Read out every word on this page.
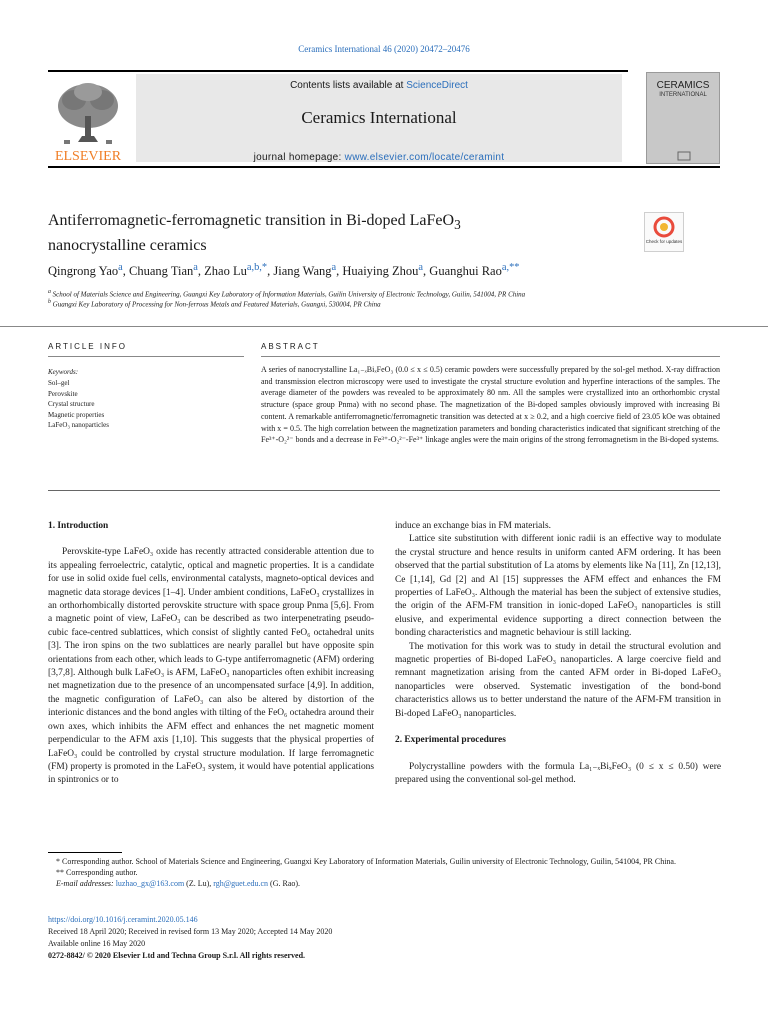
Ceramics International 46 (2020) 20472–20476
ELSEVIER
Contents lists available at ScienceDirect
Ceramics International
journal homepage: www.elsevier.com/locate/ceramint
CERAMICS
INTERNATIONAL
Antiferromagnetic-ferromagnetic transition in Bi-doped LaFeO$_3$
nanocrystalline ceramics	Check for updates
Qingrong Yao$^a$, Chuang Tian$^a$, Zhao $Lu^{a,b,*}$, Jiang Wang$^a$, Huaiying Zhou$^a$, Guanghui Rao$^{a,**}$
$^a$ School of Materials Science and Engineering, Guangxi Key Laboratory of Information Materials, Guilin University of Electronic Technology, Guilin, 541004, PR China
$^b$ Guangxi Key Laboratory of Processing for Non-ferrous Metals and Featured Materials, Guangxi, 530004, PR China
ARTICLE INFO	ABSTRACT
Keywords:
Sol–gel
Perovskite
Crystal structure
Magnetic properties
LaFeO₃ nanoparticles
A series of nanocrystalline La₁₋ₓBiₓFeO₃ (0.0 ≤ x ≤ 0.5) ceramic powders were successfully prepared by the sol-gel method. X-ray diffraction and transmission electron microscopy were used to investigate the crystal structure evolution and hyperfine interactions of the samples. The average diameter of the powders was revealed to be approximately 80 nm. All the samples were crystallized into an orthorhombic crystal structure (space group Pnma) with no second phase. The magnetization of the Bi-doped samples obviously improved with increasing Bi content. A remarkable antiferromagnetic/ferromagnetic transition was detected at x ≥ 0.2, and a high coercive field of 23.05 kOe was obtained with x = 0.5. The high correlation between the magnetization parameters and bonding characteristics indicated that significant stretching of the Fe³⁺-O₂²⁻ bonds and a decrease in Fe³⁺-O₂²⁻-Fe³⁺ linkage angles were the main origins of the strong ferromagnetism in the Bi-doped systems.
1. Introduction

Perovskite-type LaFeO₃ oxide has recently attracted considerable attention due to its appealing ferroelectric, catalytic, optical and magnetic properties. It is a candidate for use in solid oxide fuel cells, environmental catalysts, magneto-optical devices and magnetic data storage devices [1–4]. Under ambient conditions, LaFeO₃ crystallizes in an orthorhombically distorted perovskite structure with space group Pnma [5,6]. From a magnetic point of view, LaFeO₃ can be described as two interpenetrating pseudo-cubic face-centred sublattices, which consist of slightly canted FeO₆ octahedral units [3]. The iron spins on the two sublattices are nearly parallel but have opposite spin orientations from each other, which leads to G-type antiferromagnetic (AFM) ordering [3,7,8]. Although bulk LaFeO₃ is AFM, LaFeO₃ nanoparticles often exhibit increasing net magnetization due to the presence of an uncompensated surface [4,9]. In addition, the magnetic configuration of LaFeO₃ can also be altered by distortion of the interionic distances and the bond angles with tilting of the FeO₆ octahedra around their own axes, which inhibits the AFM effect and enhances the net magnetic moment perpendicular to the AFM axis [1,10]. This suggests that the physical properties of LaFeO₃ could be controlled by crystal structure modulation. If large ferromagnetic (FM) property is promoted in the LaFeO₃ system, it would have potential applications in spintronics or to

induce an exchange bias in FM materials.

Lattice site substitution with different ionic radii is an effective way to modulate the crystal structure and hence results in uniform canted AFM ordering. It has been observed that the partial substitution of La atoms by elements like Na [11], Zn [12,13], Ce [1,14], Gd [2] and Al [15] suppresses the AFM effect and enhances the FM properties of LaFeO₃. Although the material has been the subject of extensive studies, the origin of the AFM-FM transition in ionic-doped LaFeO₃ nanoparticles is still elusive, and experimental evidence supporting a direct connection between the bonding characteristics and magnetic behaviour is still lacking.

The motivation for this work was to study in detail the structural evolution and magnetic properties of Bi-doped LaFeO₃ nanoparticles. A large coercive field and remnant magnetization arising from the canted AFM order in Bi-doped LaFeO₃ nanoparticles were observed. Systematic investigation of the bond-bond characteristics allows us to better understand the nature of the AFM-FM transition in Bi-doped LaFeO₃ nanoparticles.

2. Experimental procedures

Polycrystalline powders with the formula La₁₋ₓBiₓFeO₃ (0 ≤ x ≤ 0.50) were prepared using the conventional sol-gel method.

* Corresponding author. School of Materials Science and Engineering, Guangxi Key Laboratory of Information Materials, Guilin university of Electronic Technology, Guilin, 541004, PR China.

** Corresponding author.

E-mail addresses: luzhao_gx@163.com (Z. Lu), rgh@guet.edu.cn (G. Rao).

https://doi.org/10.1016/j.ceramint.2020.05.146
Received 18 April 2020; Received in revised form 13 May 2020; Accepted 14 May 2020
Available online 16 May 2020
0272-8842/ © 2020 Elsevier Ltd and Techna Group S.r.l. All rights reserved.
